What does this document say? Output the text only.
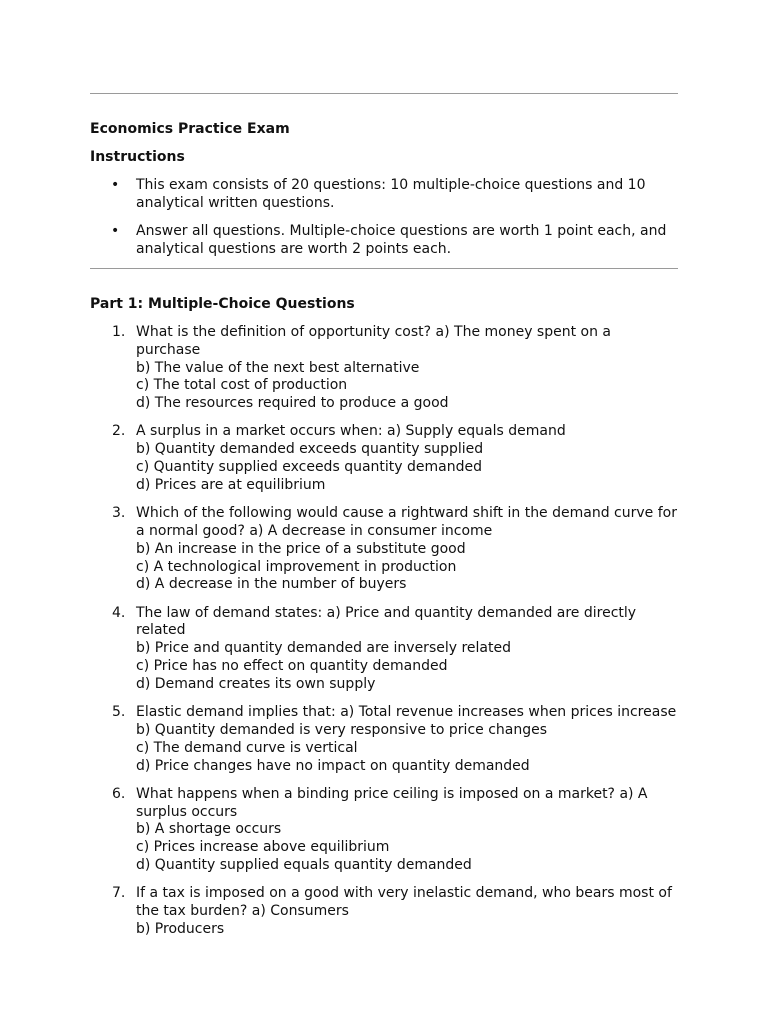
Economics Practice Exam
Instructions
• This exam consists of 20 questions: 10 multiple-choice questions and 10 analytical written questions.
• Answer all questions. Multiple-choice questions are worth 1 point each, and analytical questions are worth 2 points each.
Part 1: Multiple-Choice Questions
1. What is the definition of opportunity cost? a) The money spent on a purchase
b) The value of the next best alternative
c) The total cost of production
d) The resources required to produce a good
2. A surplus in a market occurs when: a) Supply equals demand
b) Quantity demanded exceeds quantity supplied
c) Quantity supplied exceeds quantity demanded
d) Prices are at equilibrium
3. Which of the following would cause a rightward shift in the demand curve for
a normal good? a) A decrease in consumer income
b) An increase in the price of a substitute good
c) A technological improvement in production
d) A decrease in the number of buyers
4. The law of demand states: a) Price and quantity demanded are directly
related
b) Price and quantity demanded are inversely related
c) Price has no effect on quantity demanded
d) Demand creates its own supply
5. Elastic demand implies that: a) Total revenue increases when prices increase
b) Quantity demanded is very responsive to price changes
c) The demand curve is vertical
d) Price changes have no impact on quantity demanded
6. What happens when a binding price ceiling is imposed on a market? a) A
surplus occurs
b) A shortage occurs
c) Prices increase above equilibrium
d) Quantity supplied equals quantity demanded
7. If a tax is imposed on a good with very inelastic demand, who bears most of
the tax burden? a) Consumers
b) Producers
